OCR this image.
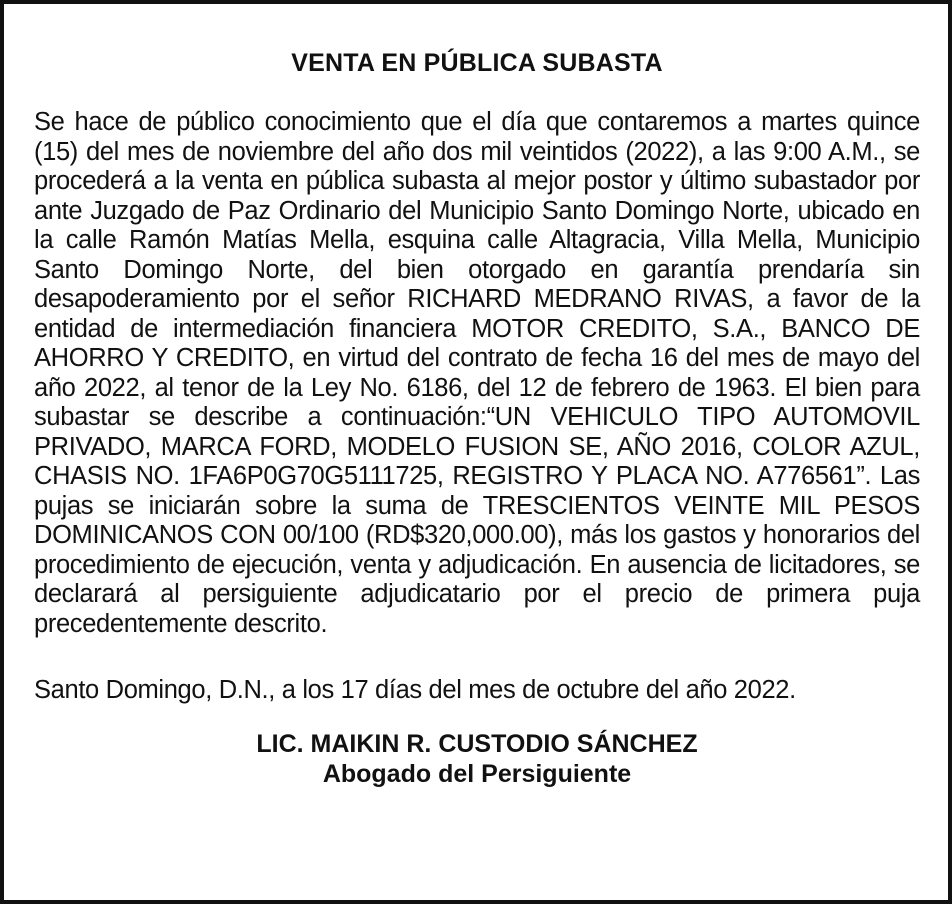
VENTA EN PÚBLICA SUBASTA

Se hace de público conocimiento que el día que contaremos a martes quince (15) del mes de noviembre del año dos mil veintidos (2022), a las 9:00 A.M., se procederá a la venta en pública subasta al mejor postor y último subastador por ante Juzgado de Paz Ordinario del Municipio Santo Domingo Norte, ubicado en la calle Ramón Matías Mella, esquina calle Altagracia, Villa Mella, Municipio Santo Domingo Norte, del bien otorgado en garantía prendaría sin desapoderamiento por el señor RICHARD MEDRANO RIVAS, a favor de la entidad de intermediación financiera MOTOR CREDITO, S.A., BANCO DE AHORRO Y CREDITO, en virtud del contrato de fecha 16 del mes de mayo del año 2022, al tenor de la Ley No. 6186, del 12 de febrero de 1963. El bien para subastar se describe a continuación:“UN VEHICULO TIPO AUTOMOVIL PRIVADO, MARCA FORD, MODELO FUSION SE, AÑO 2016, COLOR AZUL, CHASIS NO. 1FA6P0G70G5111725, REGISTRO Y PLACA NO. A776561”. Las pujas se iniciarán sobre la suma de TRESCIENTOS VEINTE MIL PESOS DOMINICANOS CON 00/100 (RD$320,000.00), más los gastos y honorarios del procedimiento de ejecución, venta y adjudicación. En ausencia de licitadores, se declarará al persiguiente adjudicatario por el precio de primera puja precedentemente descrito.

Santo Domingo, D.N., a los 17 días del mes de octubre del año 2022.

LIC. MAIKIN R. CUSTODIO SÁNCHEZ
Abogado del Persiguiente
